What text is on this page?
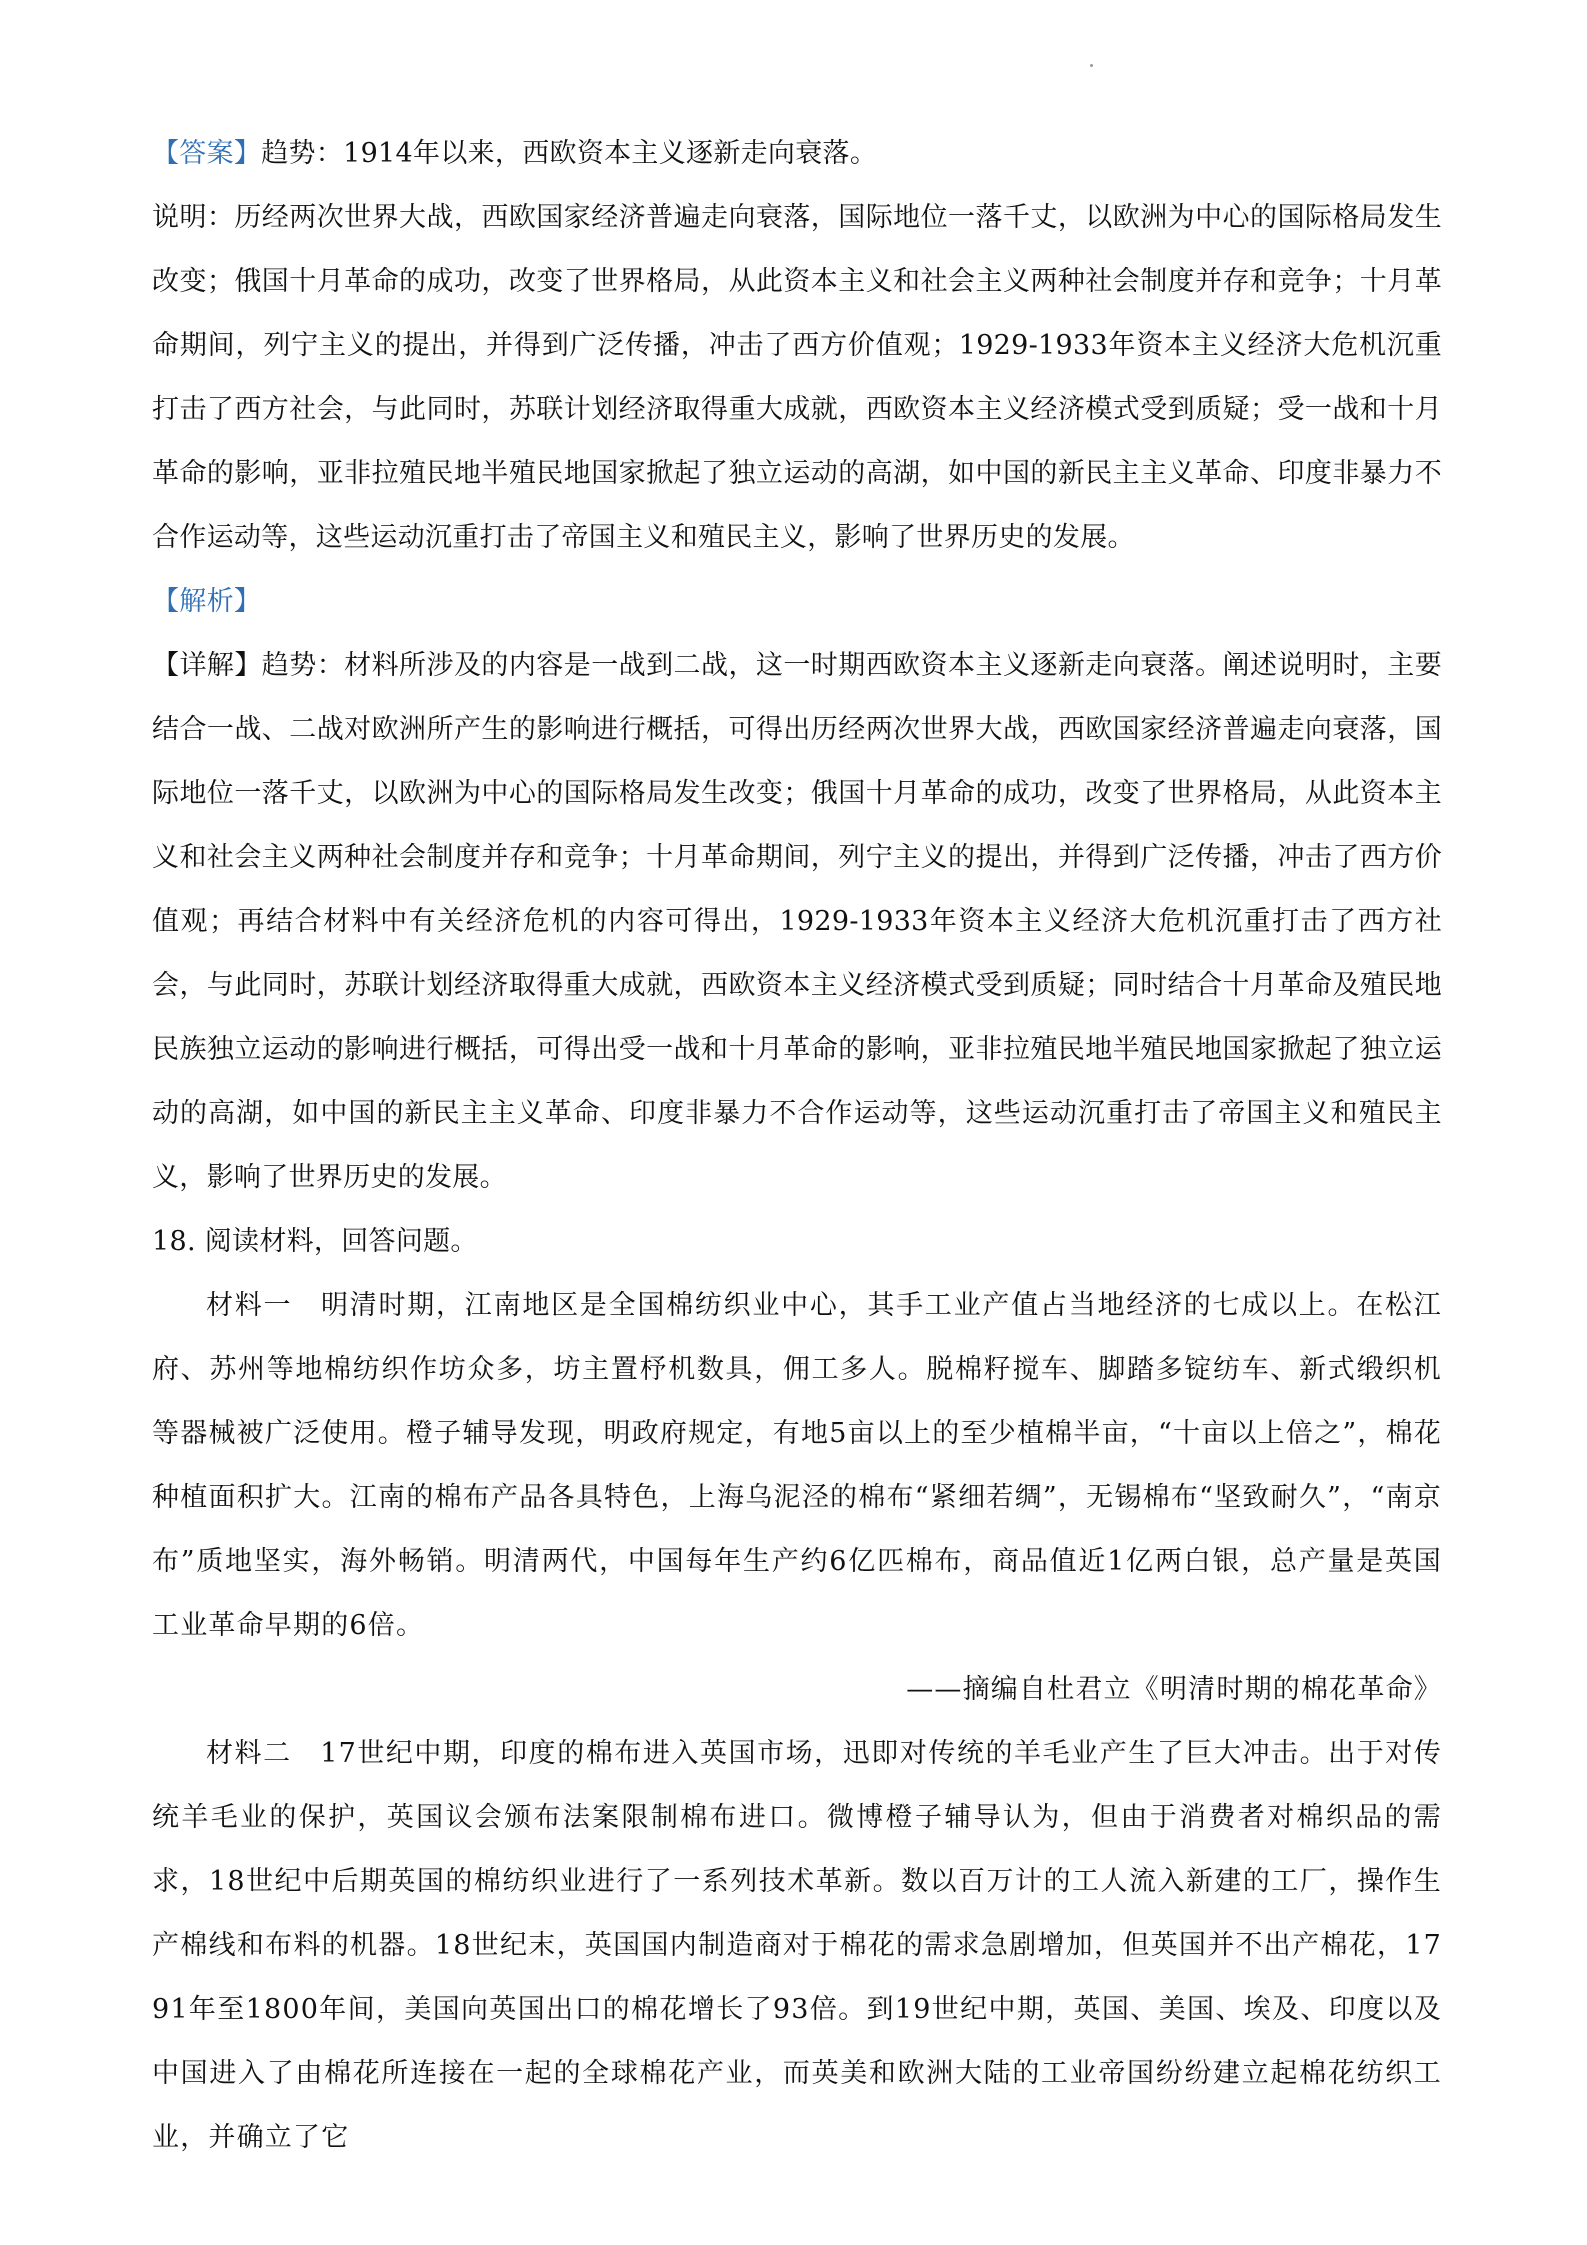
【答案】趋势：1914年以来，西欧资本主义逐新走向衰落。
说明：历经两次世界大战，西欧国家经济普遍走向衰落，国际地位一落千丈，以欧洲为中心的国际格局发生改变；俄国十月革命的成功，改变了世界格局，从此资本主义和社会主义两种社会制度并存和竞争；十月革命期间，列宁主义的提出，并得到广泛传播，冲击了西方价值观；1929-1933年资本主义经济大危机沉重打击了西方社会，与此同时，苏联计划经济取得重大成就，西欧资本主义经济模式受到质疑；受一战和十月革命的影响，亚非拉殖民地半殖民地国家掀起了独立运动的高湖，如中国的新民主主义革命、印度非暴力不合作运动等，这些运动沉重打击了帝国主义和殖民主义，影响了世界历史的发展。
【解析】
【详解】趋势：材料所涉及的内容是一战到二战，这一时期西欧资本主义逐新走向衰落。阐述说明时，主要结合一战、二战对欧洲所产生的影响进行概括，可得出历经两次世界大战，西欧国家经济普遍走向衰落，国际地位一落千丈，以欧洲为中心的国际格局发生改变；俄国十月革命的成功，改变了世界格局，从此资本主义和社会主义两种社会制度并存和竞争；十月革命期间，列宁主义的提出，并得到广泛传播，冲击了西方价值观；再结合材料中有关经济危机的内容可得出，1929-1933年资本主义经济大危机沉重打击了西方社会，与此同时，苏联计划经济取得重大成就，西欧资本主义经济模式受到质疑；同时结合十月革命及殖民地民族独立运动的影响进行概括，可得出受一战和十月革命的影响，亚非拉殖民地半殖民地国家掀起了独立运动的高湖，如中国的新民主主义革命、印度非暴力不合作运动等，这些运动沉重打击了帝国主义和殖民主义，影响了世界历史的发展。
18. 阅读材料，回答问题。
材料一　明清时期，江南地区是全国棉纺织业中心，其手工业产值占当地经济的七成以上。在松江府、苏州等地棉纺织作坊众多，坊主置杼机数具，佣工多人。脱棉籽搅车、脚踏多锭纺车、新式缎织机等器械被广泛使用。橙子辅导发现，明政府规定，有地5亩以上的至少植棉半亩，“十亩以上倍之”，棉花种植面积扩大。江南的棉布产品各具特色，上海乌泥泾的棉布“紧细若绸”，无锡棉布“坚致耐久”，“南京布”质地坚实，海外畅销。明清两代，中国每年生产约6亿匹棉布，商品值近1亿两白银，总产量是英国工业革命早期的6倍。
——摘编自杜君立《明清时期的棉花革命》
材料二　17世纪中期，印度的棉布进入英国市场，迅即对传统的羊毛业产生了巨大冲击。出于对传统羊毛业的保护，英国议会颁布法案限制棉布进口。微博橙子辅导认为，但由于消费者对棉织品的需求，18世纪中后期英国的棉纺织业进行了一系列技术革新。数以百万计的工人流入新建的工厂，操作生产棉线和布料的机器。18世纪末，英国国内制造商对于棉花的需求急剧增加，但英国并不出产棉花，1791年至1800年间，美国向英国出口的棉花增长了93倍。到19世纪中期，英国、美国、埃及、印度以及中国进入了由棉花所连接在一起的全球棉花产业，而英美和欧洲大陆的工业帝国纷纷建立起棉花纺织工业，并确立了它
